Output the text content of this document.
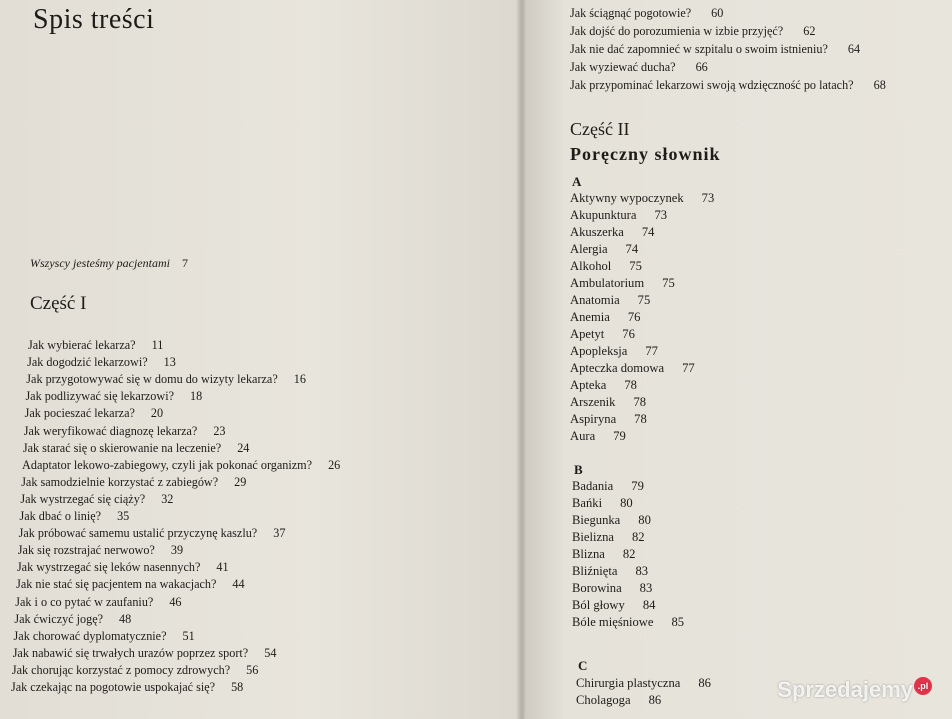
Spis treści
Wszyscy jesteśmy pacjentami 7
Część I
Jak wybierać lekarza? 11
Jak dogodzić lekarzowi? 13
Jak przygotowywać się w domu do wizyty lekarza? 16
Jak podlizywać się lekarzowi? 18
Jak pocieszać lekarza? 20
Jak weryfikować diagnozę lekarza? 23
Jak starać się o skierowanie na leczenie? 24
Adaptator lekowo-zabiegowy, czyli jak pokonać organizm? 26
Jak samodzielnie korzystać z zabiegów? 29
Jak wystrzegać się ciąży? 32
Jak dbać o linię? 35
Jak próbować samemu ustalić przyczynę kaszlu? 37
Jak się rozstrajać nerwowo? 39
Jak wystrzegać się leków nasennych? 41
Jak nie stać się pacjentem na wakacjach? 44
Jak i o co pytać w zaufaniu? 46
Jak ćwiczyć jogę? 48
Jak chorować dyplomatycznie? 51
Jak nabawić się trwałych urazów poprzez sport? 54
Jak chorując korzystać z pomocy zdrowych? 56
Jak czekając na pogotowie uspokajać się? 58
Jak ściągnąć pogotowie? 60
Jak dojść do porozumienia w izbie przyjęć? 62
Jak nie dać zapomnieć w szpitalu o swoim istnieniu? 64
Jak wyziewać ducha? 66
Jak przypominać lekarzowi swoją wdzięczność po latach? 68
Część II
Poręczny słownik
A
Aktywny wypoczynek 73
Akupunktura 73
Akuszerka 74
Alergia 74
Alkohol 75
Ambulatorium 75
Anatomia 75
Anemia 76
Apetyt 76
Apopleksja 77
Apteczka domowa 77
Apteka 78
Arszenik 78
Aspiryna 78
Aura 79
B
Badania 79
Bańki 80
Biegunka 80
Bielizna 82
Blizna 82
Bliźnięta 83
Borowina 83
Ból głowy 84
Bóle mięśniowe 85
C
Chirurgia plastyczna 86
Cholagoga 86	Sprzedajemy .pl
